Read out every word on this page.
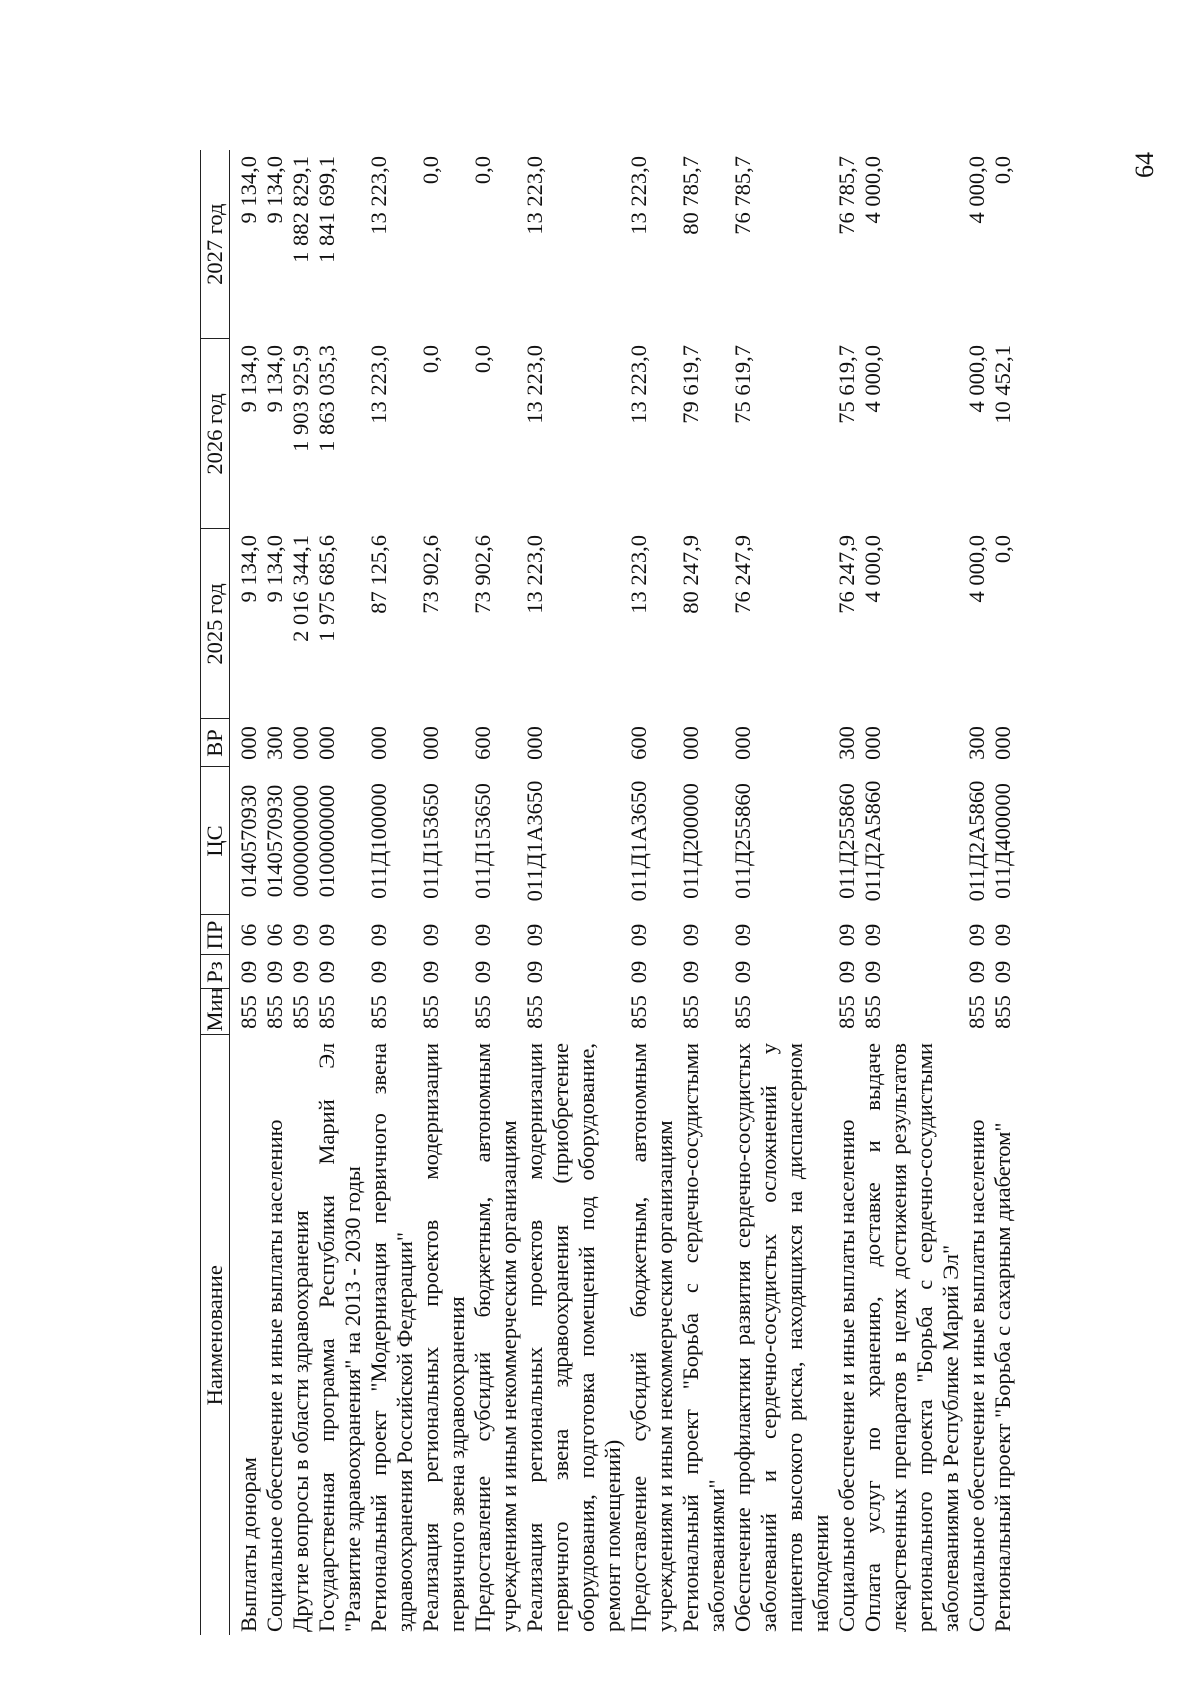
64
Наименование	Мин	Рз	ПР	ЦС	ВР	2025 год	2026 год	2027 год

Выплаты донорам	855	09	06	0140570930	000	9 134,0	9 134,0	9 134,0
Социальное обеспечение и иные выплаты населению	855	09	06	0140570930	300	9 134,0	9 134,0	9 134,0
Другие вопросы в области здравоохранения	855	09	09	0000000000	000	2 016 344,1	1 903 925,9	1 882 829,1
Государственная программа Республики Марий Эл "Развитие здравоохранения" на 2013 - 2030 годы	855	09	09	0100000000	000	1 975 685,6	1 863 035,3	1 841 699,1
Региональный проект "Модернизация первичного звена здравоохранения Российской Федерации"	855	09	09	011Д100000	000	87 125,6	13 223,0	13 223,0
Реализация региональных проектов модернизации первичного звена здравоохранения	855	09	09	011Д153650	000	73 902,6	0,0	0,0
Предоставление субсидий бюджетным, автономным учреждениям и иным некоммерческим организациям	855	09	09	011Д153650	600	73 902,6	0,0	0,0
Реализация региональных проектов модернизации первичного звена здравоохранения (приобретение оборудования, подготовка помещений под оборудование, ремонт помещений)	855	09	09	011Д1А3650	000	13 223,0	13 223,0	13 223,0
Предоставление субсидий бюджетным, автономным учреждениям и иным некоммерческим организациям	855	09	09	011Д1А3650	600	13 223,0	13 223,0	13 223,0
Региональный проект "Борьба с сердечно-сосудистыми заболеваниями"	855	09	09	011Д200000	000	80 247,9	79 619,7	80 785,7
Обеспечение профилактики развития сердечно-сосудистых заболеваний и сердечно-сосудистых осложнений у пациентов высокого риска, находящихся на диспансерном наблюдении	855	09	09	011Д255860	000	76 247,9	75 619,7	76 785,7
Социальное обеспечение и иные выплаты населению	855	09	09	011Д255860	300	76 247,9	75 619,7	76 785,7
Оплата услуг по хранению, доставке и выдаче лекарственных препаратов в целях достижения результатов регионального проекта "Борьба с сердечно-сосудистыми заболеваниями в Республике Марий Эл"	855	09	09	011Д2А5860	000	4 000,0	4 000,0	4 000,0
Социальное обеспечение и иные выплаты населению	855	09	09	011Д2А5860	300	4 000,0	4 000,0	4 000,0
Региональный проект "Борьба с сахарным диабетом"	855	09	09	011Д400000	000	0,0	10 452,1	0,0
